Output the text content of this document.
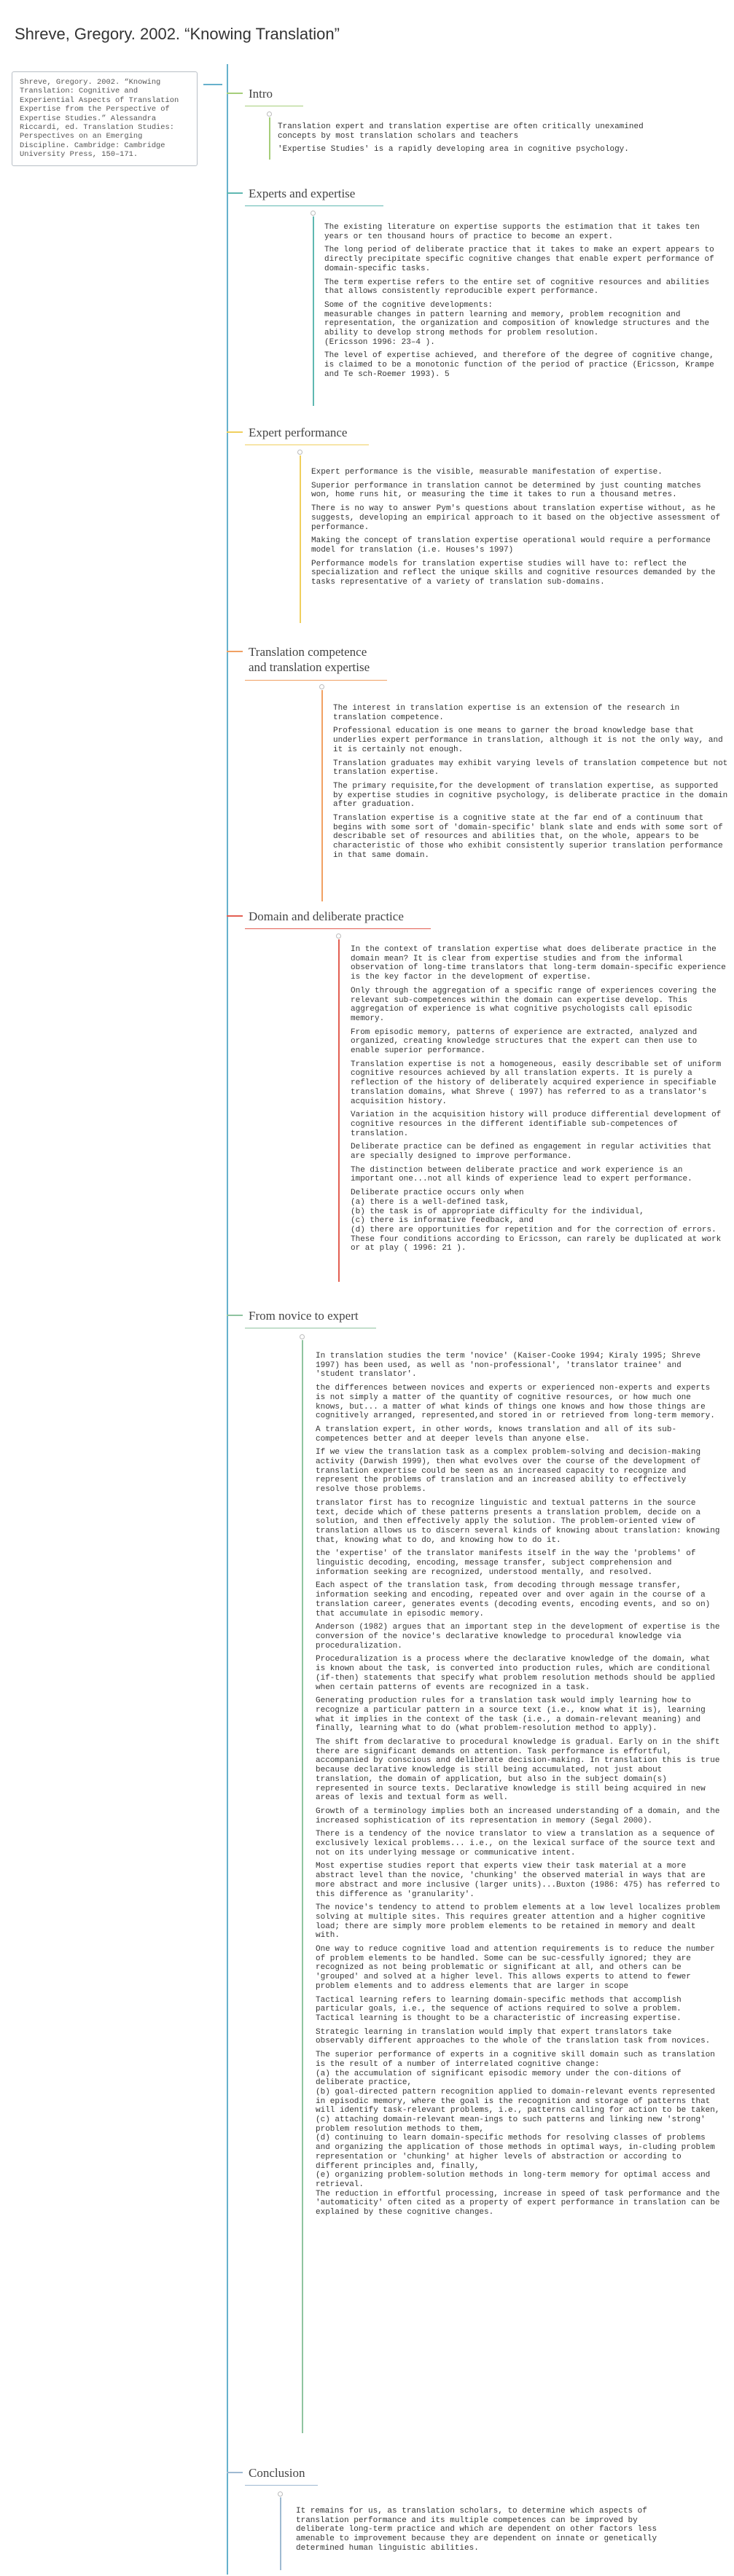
Shreve, Gregory. 2002. “Knowing Translation”

Shreve, Gregory. 2002. “Knowing Translation: Cognitive and Experiential Aspects of Translation Expertise from the Perspective of Expertise Studies.” Alessandra Riccardi, ed. Translation Studies: Perspectives on an Emerging Discipline. Cambridge: Cambridge University Press, 150–171.

Intro

Translation expert and translation expertise are often critically unexamined concepts by most translation scholars and teachers

'Expertise Studies' is a rapidly developing area in cognitive psychology.

Experts and expertise

The existing literature on expertise supports the estimation that it takes ten years or ten thousand hours of practice to become an expert.

The long period of deliberate practice that it takes to make an expert appears to directly precipitate specific cognitive changes that enable expert performance of domain-specific tasks.

The term expertise refers to the entire set of cognitive resources and abilities that allows consistently reproducible expert performance.

Some of the cognitive developments:
measurable changes in pattern learning and memory, problem recognition and representation, the organization and composition of knowledge structures and the ability to develop strong methods for problem resolution.
(Ericsson 1996: 23–4 ).

The level of expertise achieved, and therefore of the degree of cognitive change, is claimed to be a monotonic function of the period of practice (Ericsson, Krampe and Te sch-Roemer 1993). 5

Expert performance

Expert performance is the visible, measurable manifestation of expertise.

Superior performance in translation cannot be determined by just counting matches won, home runs hit, or measuring the time it takes to run a thousand metres.

There is no way to answer Pym's questions about translation expertise without, as he suggests, developing an empirical approach to it based on the objective assessment of performance.

Making the concept of translation expertise operational would require a performance model for translation (i.e. Houses's 1997)

Performance models for translation expertise studies will have to: reflect the specialization and reflect the unique skills and cognitive resources demanded by the tasks representative of a variety of translation sub-domains.

Translation competence
and translation expertise

The interest in translation expertise is an extension of the research in translation competence.

Professional education is one means to garner the broad knowledge base that underlies expert performance in translation, although it is not the only way, and it is certainly not enough.

Translation graduates may exhibit varying levels of translation competence but not translation expertise.

The primary requisite,for the development of translation expertise, as supported by expertise studies in cognitive psychology, is deliberate practice in the domain after graduation.

Translation expertise is a cognitive state at the far end of a continuum that begins with some sort of 'domain-specific' blank slate and ends with some sort of describable set of resources and abilities that, on the whole, appears to be characteristic of those who exhibit consistently superior translation performance in that same domain.

Domain and deliberate practice

In the context of translation expertise what does deliberate practice in the domain mean? It is clear from expertise studies and from the informal observation of long-time translators that long-term domain-specific experience is the key factor in the development of expertise.

Only through the aggregation of a specific range of experiences covering the relevant sub-competences within the domain can expertise develop. This aggregation of experience is what cognitive psychologists call episodic memory.

From episodic memory, patterns of experience are extracted, analyzed and organized, creating knowledge structures that the expert can then use to enable superior performance.

Translation expertise is not a homogeneous, easily describable set of uniform cognitive resources achieved by all translation experts. It is purely a reflection of the history of deliberately acquired experience in specifiable translation domains, what Shreve ( 1997) has referred to as a translator's acquisition history.

Variation in the acquisition history will produce differential development of cognitive resources in the different identifiable sub-competences of translation.

Deliberate practice can be defined as engagement in regular activities that are specially designed to improve performance.

The distinction between deliberate practice and work experience is an important one...not all kinds of experience lead to expert performance.

Deliberate practice occurs only when
(a) there is a well-defined task,
(b) the task is of appropriate difficulty for the individual,
(c) there is informative feedback, and
(d) there are opportunities for repetition and for the correction of errors.
These four conditions according to Ericsson, can rarely be duplicated at work or at play ( 1996: 21 ).

From novice to expert

In translation studies the term 'novice' (Kaiser-Cooke 1994; Kiraly 1995; Shreve 1997) has been used, as well as 'non-professional', 'translator trainee' and 'student translator'.

the differences between novices and experts or experienced non-experts and experts is not simply a matter of the quantity of cognitive resources, or how much one knows, but... a matter of what kinds of things one knows and how those things are cognitively arranged, represented,and stored in or retrieved from long-term memory.

A translation expert, in other words, knows translation and all of its sub-competences better and at deeper levels than anyone else.

If we view the translation task as a complex problem-solving and decision-making activity (Darwish 1999), then what evolves over the course of the development of translation expertise could be seen as an increased capacity to recognize and represent the problems of translation and an increased ability to effectively resolve those problems.

translator first has to recognize linguistic and textual patterns in the source text, decide which of these patterns presents a translation problem, decide on a solution, and then effectively apply the solution. The problem-oriented view of translation allows us to discern several kinds of knowing about translation: knowing that, knowing what to do, and knowing how to do it.

the 'expertise' of the translator manifests itself in the way the 'problems' of linguistic decoding, encoding, message transfer, subject comprehension and information seeking are recognized, understood mentally, and resolved.

Each aspect of the translation task, from decoding through message transfer, information seeking and encoding, repeated over and over again in the course of a translation career, generates events (decoding events, encoding events, and so on) that accumulate in episodic memory.

Anderson (1982) argues that an important step in the development of expertise is the conversion of the novice's declarative knowledge to procedural knowledge via proceduralization.

Proceduralization is a process where the declarative knowledge of the domain, what is known about the task, is converted into production rules, which are conditional (if-then) statements that specify what problem resolution methods should be applied when certain patterns of events are recognized in a task.

Generating production rules for a translation task would imply learning how to recognize a particular pattern in a source text (i.e., know what it is), learning what it implies in the context of the task (i.e., a domain-relevant meaning) and finally, learning what to do (what problem-resolution method to apply).

The shift from declarative to procedural knowledge is gradual. Early on in the shift there are significant demands on attention. Task performance is effortful, accompanied by conscious and deliberate decision-making. In translation this is true because declarative knowledge is still being accumulated, not just about translation, the domain of application, but also in the subject domain(s) represented in source texts. Declarative knowledge is still being acquired in new areas of lexis and textual form as well.

Growth of a terminology implies both an increased understanding of a domain, and the increased sophistication of its representation in memory (Segal 2000).

There is a tendency of the novice translator to view a translation as a sequence of exclusively lexical problems... i.e., on the lexical surface of the source text and not on its underlying message or communicative intent.

Most expertise studies report that experts view their task material at a more abstract level than the novice, 'chunking' the observed material in ways that are more abstract and more inclusive (larger units)...Buxton (1986: 475) has referred to this difference as 'granularity'.

The novice's tendency to attend to problem elements at a low level localizes problem solving at multiple sites. This requires greater attention and a higher cognitive load; there are simply more problem elements to be retained in memory and dealt with.

One way to reduce cognitive load and attention requirements is to reduce the number of problem elements to be handled. Some can be suc-cessfully ignored; they are recognized as not being problematic or significant at all, and others can be 'grouped' and solved at a higher level. This allows experts to attend to fewer problem elements and to address elements that are larger in scope

Tactical learning refers to learning domain-specific methods that accomplish particular goals, i.e., the sequence of actions required to solve a problem. Tactical learning is thought to be a characteristic of increasing expertise.

Strategic learning in translation would imply that expert translators take observably different approaches to the whole of the translation task from novices.

The superior performance of experts in a cognitive skill domain such as translation is the result of a number of interrelated cognitive change:
(a) the accumulation of significant episodic memory under the con-ditions of deliberate practice,
(b) goal-directed pattern recognition applied to domain-relevant events represented in episodic memory, where the goal is the recognition and storage of patterns that will identify task-relevant problems, i.e., patterns calling for action to be taken,
(c) attaching domain-relevant mean-ings to such patterns and linking new 'strong' problem resolution methods to them,
(d) continuing to learn domain-specific methods for resolving classes of problems and organizing the application of those methods in optimal ways, in-cluding problem representation or 'chunking' at higher levels of abstraction or according to different principles and, finally,
(e) organizing problem-solution methods in long-term memory for optimal access and retrieval.
The reduction in effortful processing, increase in speed of task performance and the 'automaticity' often cited as a property of expert performance in translation can be explained by these cognitive changes.

Conclusion

It remains for us, as translation scholars, to determine which aspects of translation performance and its multiple competences can be improved by deliberate long-term practice and which are dependent on other factors less amenable to improvement because they are dependent on innate or genetically determined human linguistic abilities.
